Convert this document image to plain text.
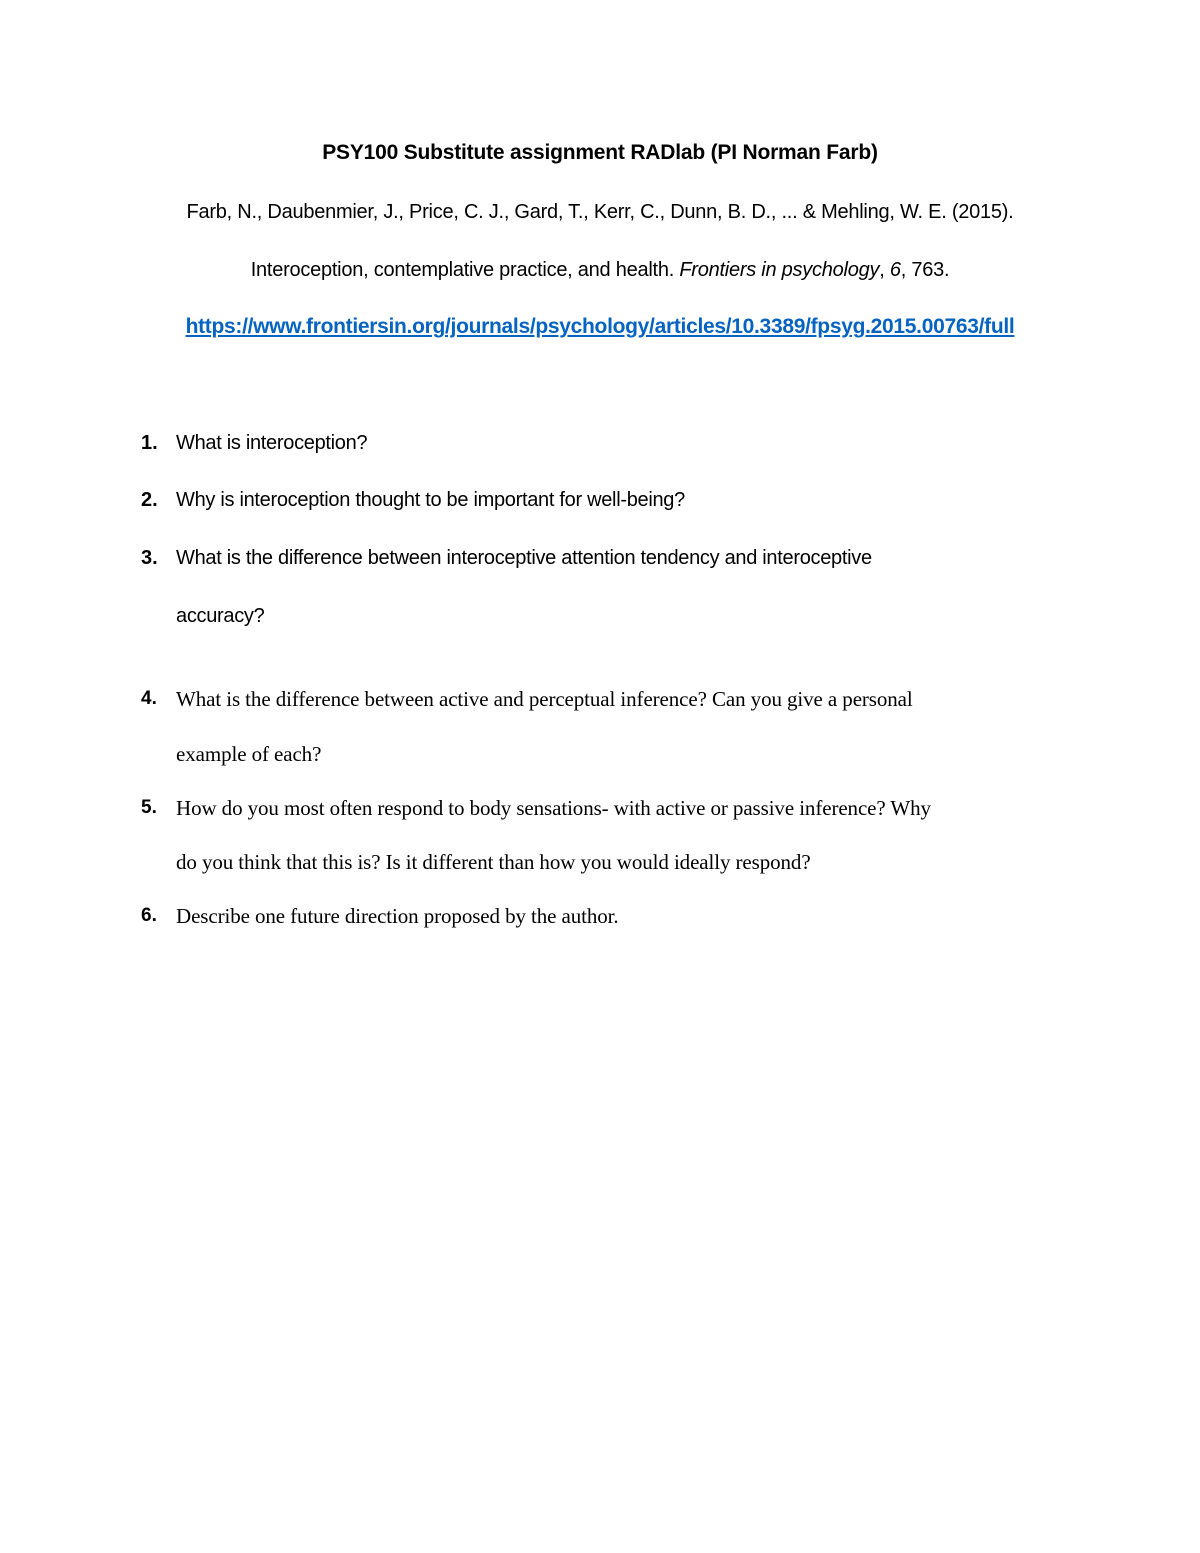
PSY100 Substitute assignment RADlab (PI Norman Farb)
Farb, N., Daubenmier, J., Price, C. J., Gard, T., Kerr, C., Dunn, B. D., ... & Mehling, W. E. (2015).
Interoception, contemplative practice, and health. Frontiers in psychology, 6, 763.
https://www.frontiersin.org/journals/psychology/articles/10.3389/fpsyg.2015.00763/full
1. What is interoception?
2. Why is interoception thought to be important for well-being?
3. What is the difference between interoceptive attention tendency and interoceptive
accuracy?
4. What is the difference between active and perceptual inference? Can you give a personal
example of each?
5. How do you most often respond to body sensations- with active or passive inference? Why
do you think that this is? Is it different than how you would ideally respond?
6. Describe one future direction proposed by the author.
